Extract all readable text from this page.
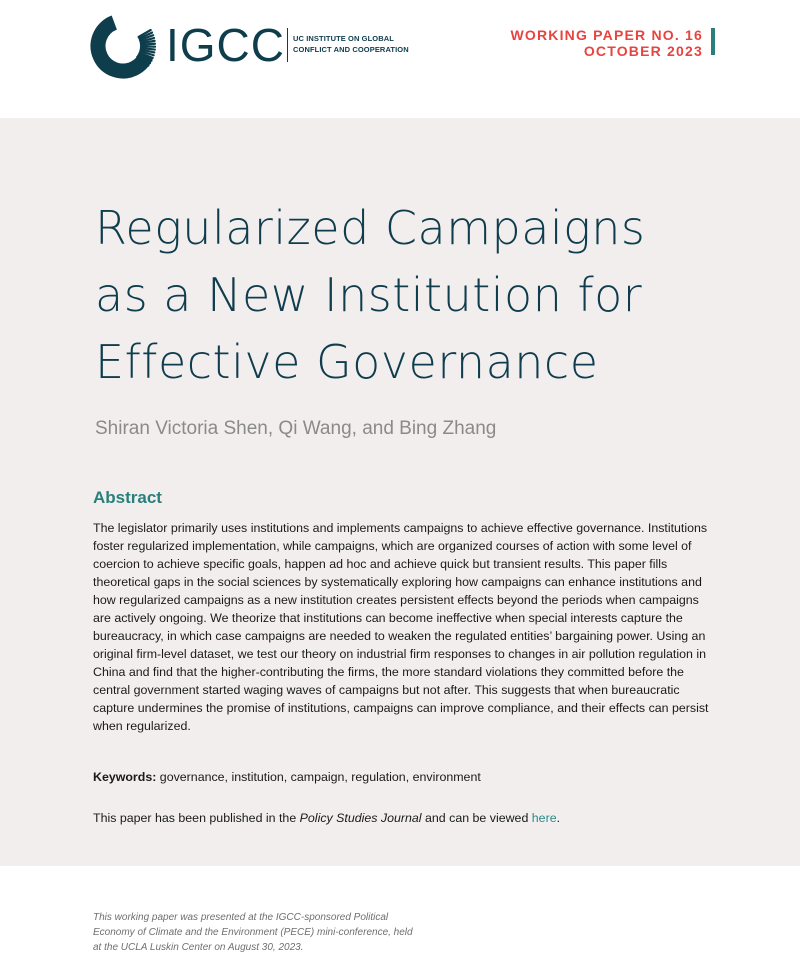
IGCC UC INSTITUTE ON GLOBAL
CONFLICT AND COOPERATION
WORKING PAPER NO. 16
OCTOBER 2023
Regularized Campaigns
as a New Institution for
Effective Governance
Shiran Victoria Shen, Qi Wang, and Bing Zhang
Abstract

The legislator primarily uses institutions and implements campaigns to achieve effective governance. Institutions foster regularized implementation, while campaigns, which are organized courses of action with some level of coercion to achieve specific goals, happen ad hoc and achieve quick but transient results. This paper fills theoretical gaps in the social sciences by systematically exploring how campaigns can enhance institutions and how regularized campaigns as a new institution creates persistent effects beyond the periods when campaigns are actively ongoing. We theorize that institutions can become ineffective when special interests capture the bureaucracy, in which case campaigns are needed to weaken the regulated entities’ bargaining power. Using an original firm-level dataset, we test our theory on industrial firm responses to changes in air pollution regulation in China and find that the higher-contributing the firms, the more standard violations they committed before the central government started waging waves of campaigns but not after. This suggests that when bureaucratic capture undermines the promise of institutions, campaigns can improve compliance, and their effects can persist when regularized.

Keywords: governance, institution, campaign, regulation, environment
This paper has been published in the Policy Studies Journal and can be viewed here.

This working paper was presented at the IGCC-sponsored Political Economy of Climate and the Environment (PECE) mini-conference, held at the UCLA Luskin Center on August 30, 2023.
